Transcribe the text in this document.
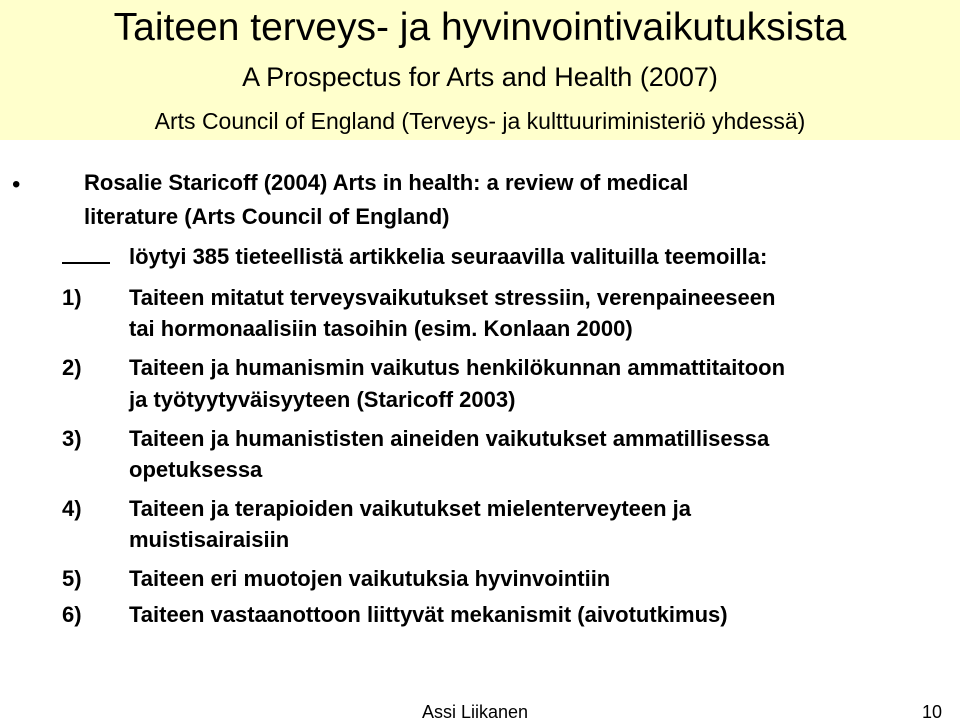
Taiteen terveys- ja hyvinvointivaikutuksista
A Prospectus for Arts and Health (2007)
Arts Council of England (Terveys- ja kulttuuriministeriö yhdessä)
•	Rosalie Staricoff (2004) Arts in health: a review of medical
literature (Arts Council of England)
löytyi 385 tieteellistä artikkelia seuraavilla valituilla teemoilla:
1) Taiteen mitatut terveysvaikutukset stressiin, verenpaineeseen
tai hormonaalisiin tasoihin (esim. Konlaan 2000)
2) Taiteen ja humanismin vaikutus henkilökunnan ammattitaitoon
ja työtyytyväisyyteen (Staricoff 2003)
3) Taiteen ja humanististen aineiden vaikutukset ammatillisessa
opetuksessa
4) Taiteen ja terapioiden vaikutukset mielenterveyteen ja
muistisairaisiin
5) Taiteen eri muotojen vaikutuksia hyvinvointiin
6) Taiteen vastaanottoon liittyvät mekanismit (aivotutkimus)
Assi Liikanen	10
